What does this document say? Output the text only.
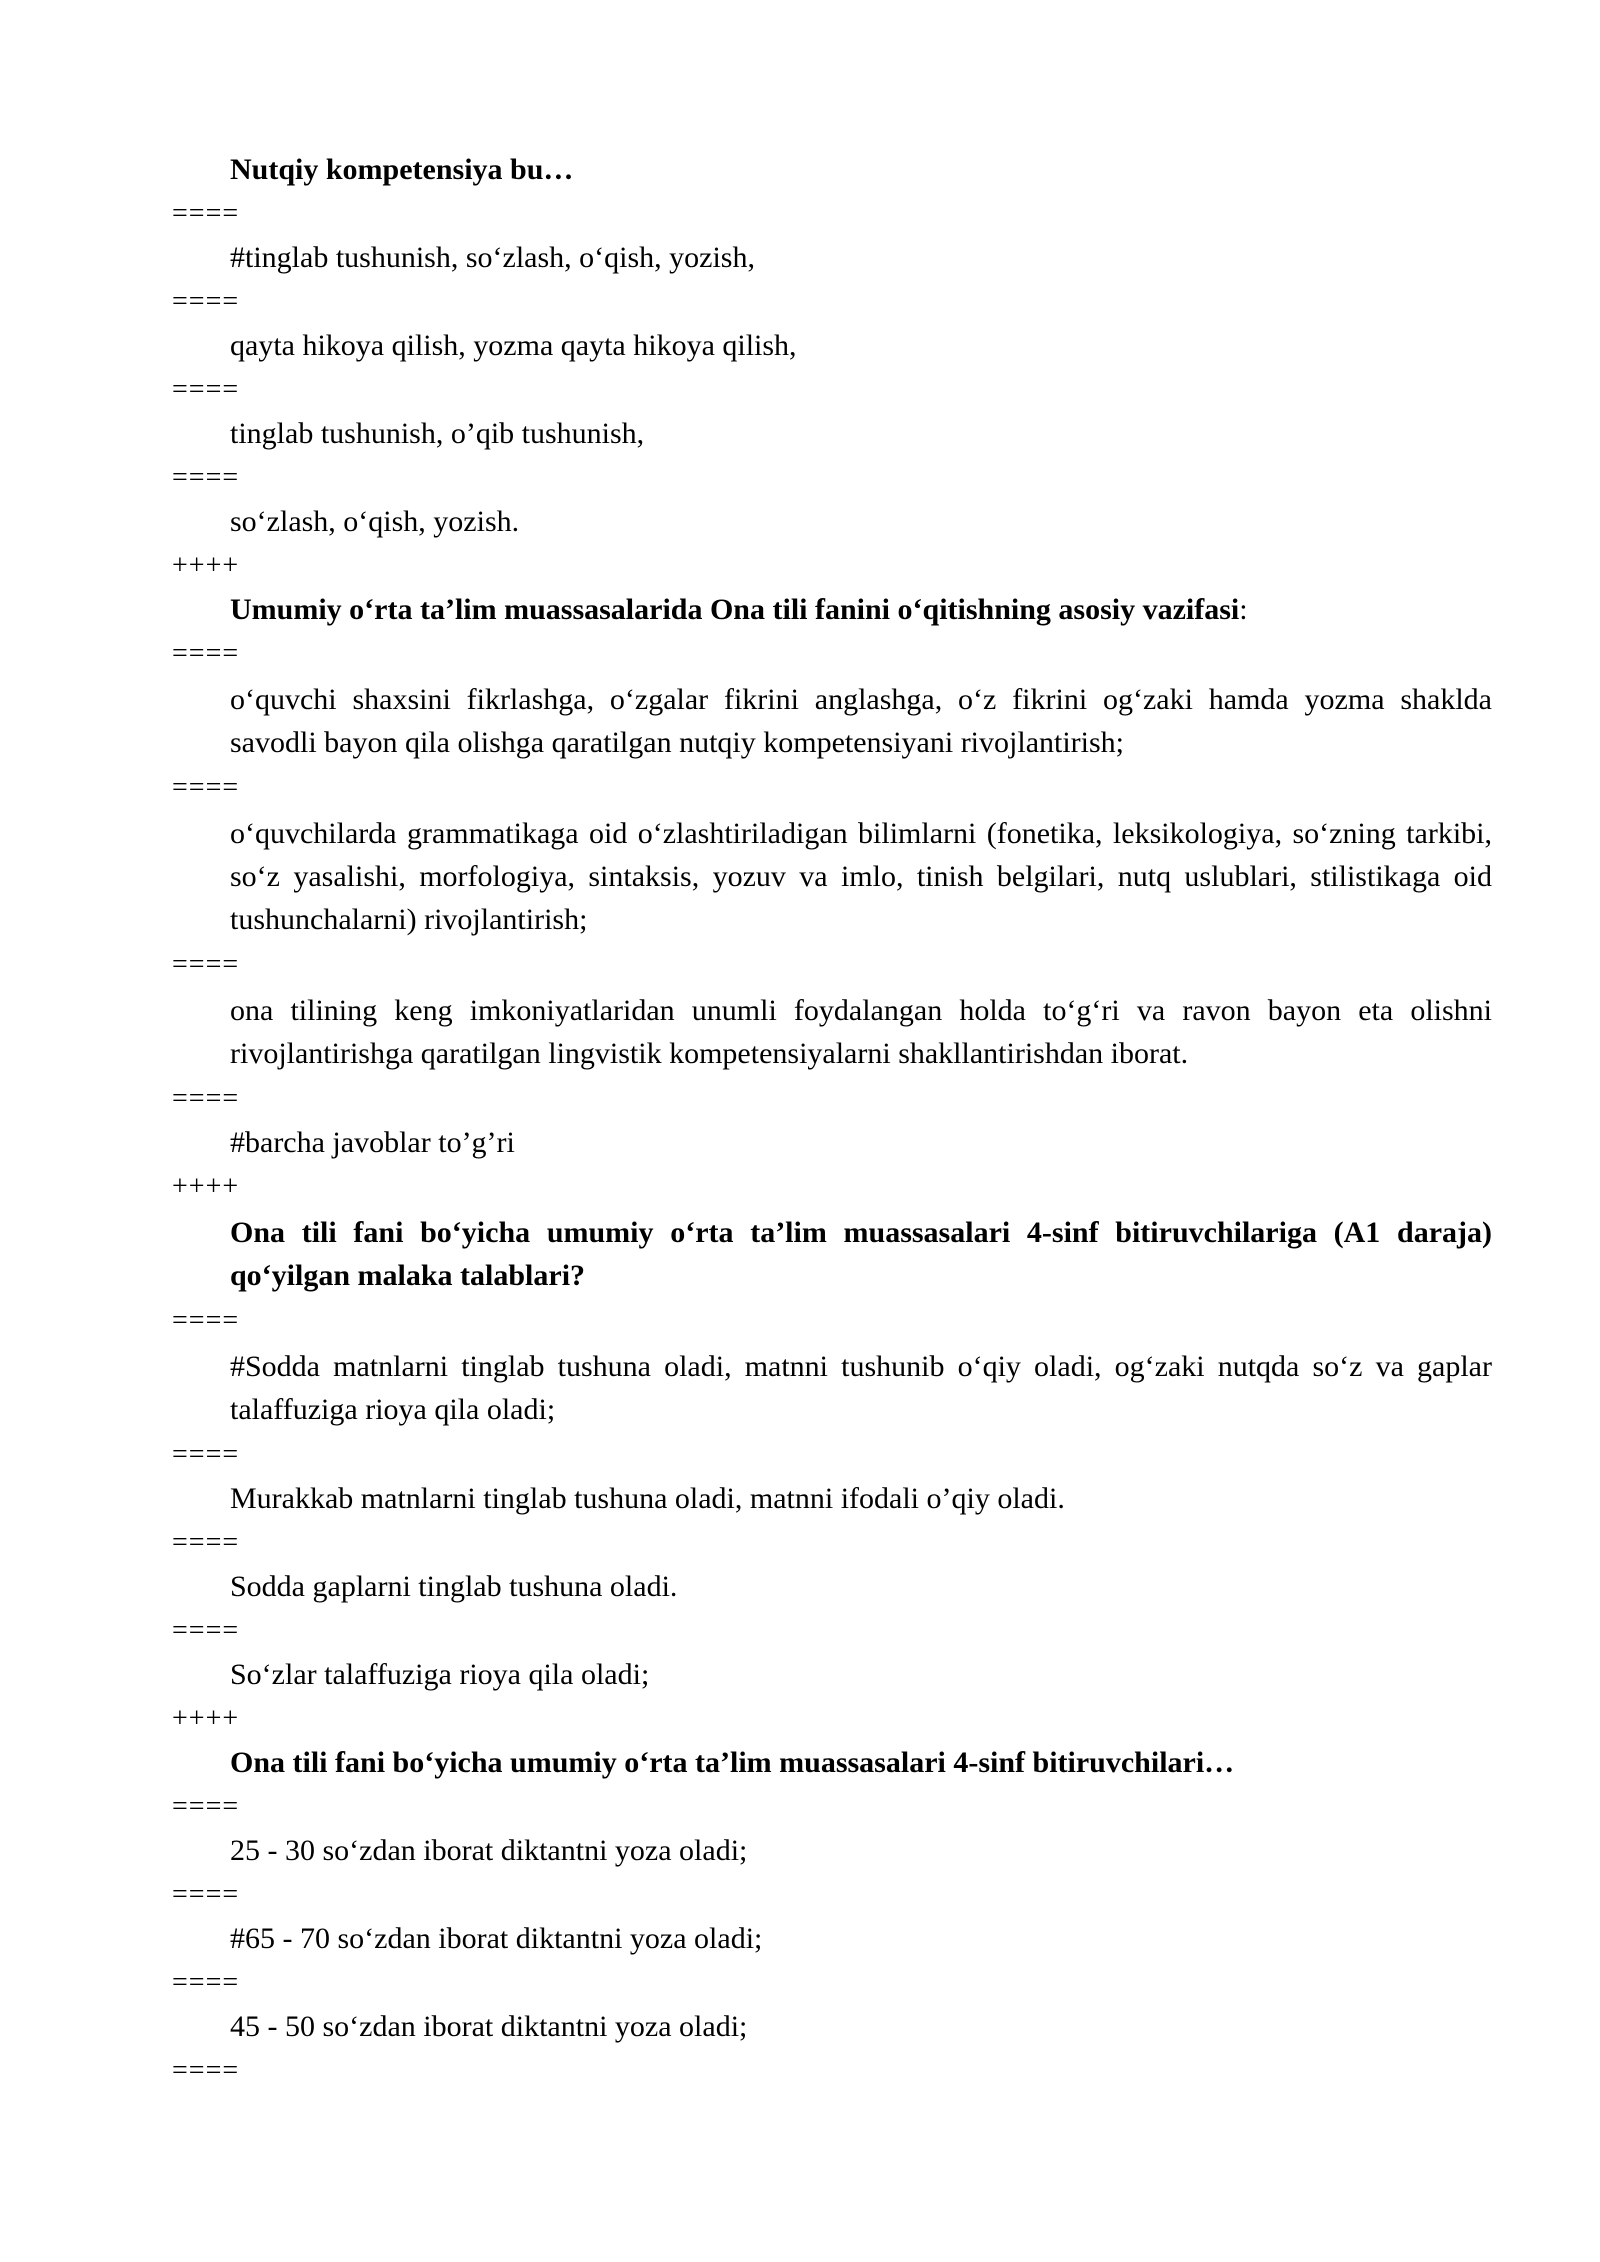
Nutqiy kompetensiya bu…
====
#tinglab tushunish, so‘zlash, o‘qish, yozish,
====
qayta hikoya qilish, yozma qayta hikoya qilish,
====
tinglab tushunish, o’qib tushunish,
====
so‘zlash, o‘qish, yozish.
++++
Umumiy o‘rta ta’lim muassasalarida Ona tili fanini o‘qitishning asosiy vazifasi:
====
o‘quvchi shaxsini fikrlashga, o‘zgalar fikrini anglashga, o‘z fikrini og‘zaki hamda yozma shaklda savodli bayon qila olishga qaratilgan nutqiy kompetensiyani rivojlantirish;
====
o‘quvchilarda grammatikaga oid o‘zlashtiriladigan bilimlarni (fonetika, leksikologiya, so‘zning tarkibi, so‘z yasalishi, morfologiya, sintaksis, yozuv va imlo, tinish belgilari, nutq uslublari, stilistikaga oid tushunchalarni) rivojlantirish;
====
ona tilining keng imkoniyatlaridan unumli foydalangan holda to‘g‘ri va ravon bayon eta olishni rivojlantirishga qaratilgan lingvistik kompetensiyalarni shakllantirishdan iborat.
====
#barcha javoblar to’g’ri
++++
Ona tili fani bo‘yicha umumiy o‘rta ta’lim muassasalari 4-sinf bitiruvchilariga (A1 daraja) qo‘yilgan malaka talablari?
====
#Sodda matnlarni tinglab tushuna oladi, matnni tushunib o‘qiy oladi, og‘zaki nutqda so‘z va gaplar talaffuziga riоya qila oladi;
====
Murakkab matnlarni tinglab tushuna oladi, matnni ifodali o’qiy oladi.
====
Sodda gaplarni tinglab tushuna oladi.
====
So‘zlar talaffuziga riоya qila oladi;
++++
Ona tili fani bo‘yicha umumiy o‘rta ta’lim muassasalari 4-sinf bitiruvchilari…
====
25 - 30 so‘zdan iborat diktantni yoza oladi;
====
#65 - 70 so‘zdan iborat diktantni yoza oladi;
====
45 - 50 so‘zdan iborat diktantni yoza oladi;
====
